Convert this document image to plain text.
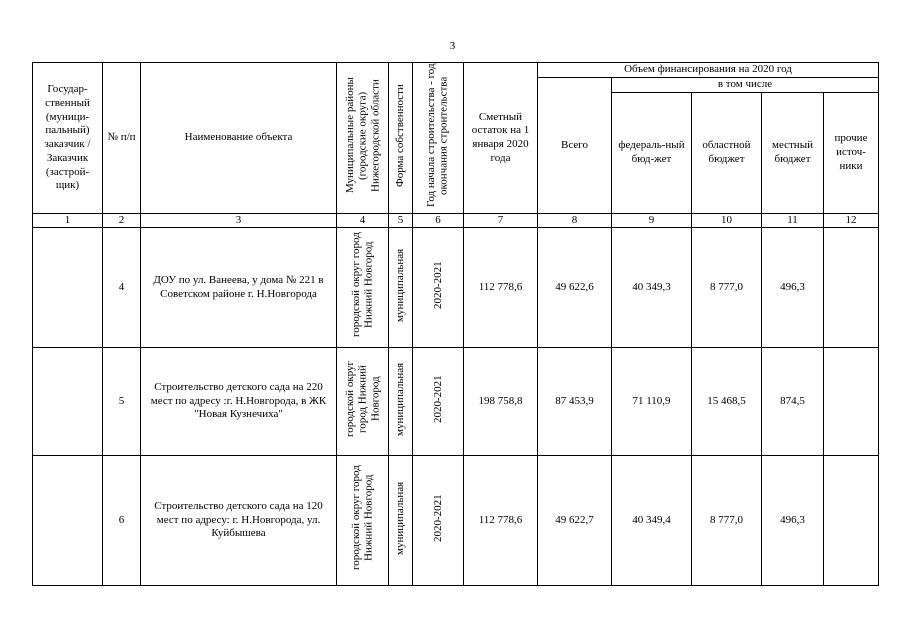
3
Государ-ственный (муници-пальный) заказчик / Заказчик (застрой-щик)	№ п/п	Наименование объекта	Муниципальные районы (городские округа) Нижегородской области	Форма собственности	Год начала строительства - год окончания строительства	Сметный остаток на 1 января 2020 года	Объем финансирования на 2020 год				
							Всего	в том числе			
								федераль-ный бюд-жет	областной бюджет	местный бюджет	прочие источ-ники
1	2	3	4	5	6	7	8	9	10	11	12
	4	ДОУ по ул. Ванеева, у дома № 221 в Советском районе г. Н.Новгорода	городской округ город Нижний Новгород	муниципальная	2020-2021	112 778,6	49 622,6	40 349,3	8 777,0	496,3	
	5	Строительство детского сада на 220 мест по адресу :г. Н.Новгорода, в ЖК "Новая Кузнечиха"	городской округ город Нижний Новгород	муниципальная	2020-2021	198 758,8	87 453,9	71 110,9	15 468,5	874,5	
	6	Строительство детского сада на 120 мест по адресу: г. Н.Новгорода, ул. Куйбышева	городской округ город Нижний Новгород	муниципальная	2020-2021	112 778,6	49 622,7	40 349,4	8 777,0	496,3	
